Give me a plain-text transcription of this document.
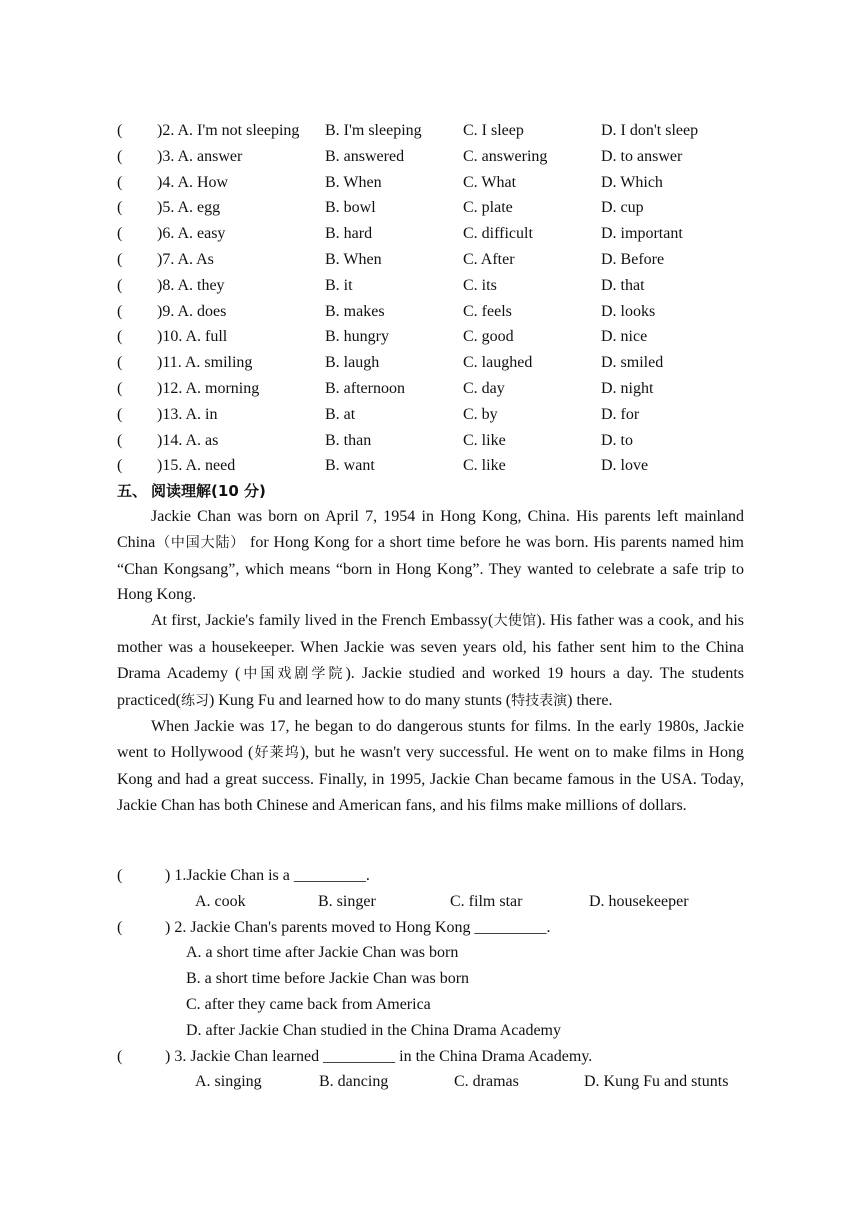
( )2. A. I'm not sleeping B. I'm sleeping	C. I sleep	D. I don't sleep
( )3. A. answer	B. answered	C. answering	D. to answer
( )4. A. How	B. When	C. What	D. Which
( )5. A. egg	B. bowl	C. plate	D. cup
( )6. A. easy	B. hard	C. difficult	D. important
( )7. A. As	B. When	C. After	D. Before
( )8. A. they	B. it	C. its	D. that
( )9. A. does	B. makes	C. feels	D. looks
( )10. A. full	B. hungry	C. good	D. nice
( )11. A. smiling	B. laugh	C. laughed	D. smiled
( )12. A. morning	B. afternoon	C. day	D. night
( )13. A. in	B. at	C. by	D. for
( )14. A. as	B. than	C. like	D. to
( )15. A. need	B. want	C. like	D. love
五、 阅读理解(10 分)

Jackie Chan was born on April 7, 1954 in Hong Kong, China. His parents left mainland China（中国大陆） for Hong Kong for a short time before he was born. His parents named him “Chan Kongsang”, which means “born in Hong Kong”. They wanted to celebrate a safe trip to Hong Kong.

At first, Jackie's family lived in the French Embassy(大使馆). His father was a cook, and his mother was a housekeeper. When Jackie was seven years old, his father sent him to the China Drama Academy (中国戏剧学院). Jackie studied and worked 19 hours a day. The students practiced(练习) Kung Fu and learned how to do many stunts (特技表演) there.

When Jackie was 17, he began to do dangerous stunts for films. In the early 1980s, Jackie went to Hollywood (好莱坞), but he wasn't very successful. He went on to make films in Hong Kong and had a great success. Finally, in 1995, Jackie Chan became famous in the USA. Today, Jackie Chan has both Chinese and American fans, and his films make millions of dollars.

(	) 1.Jackie Chan is a _________.
A. cook	B. singer	C. film star	D. housekeeper
(	) 2. Jackie Chan's parents moved to Hong Kong _________.
A. a short time after Jackie Chan was born
B. a short time before Jackie Chan was born
C. after they came back from America
D. after Jackie Chan studied in the China Drama Academy
(	) 3. Jackie Chan learned _________ in the China Drama Academy.
A. singing	B. dancing	C. dramas	D. Kung Fu and stunts
